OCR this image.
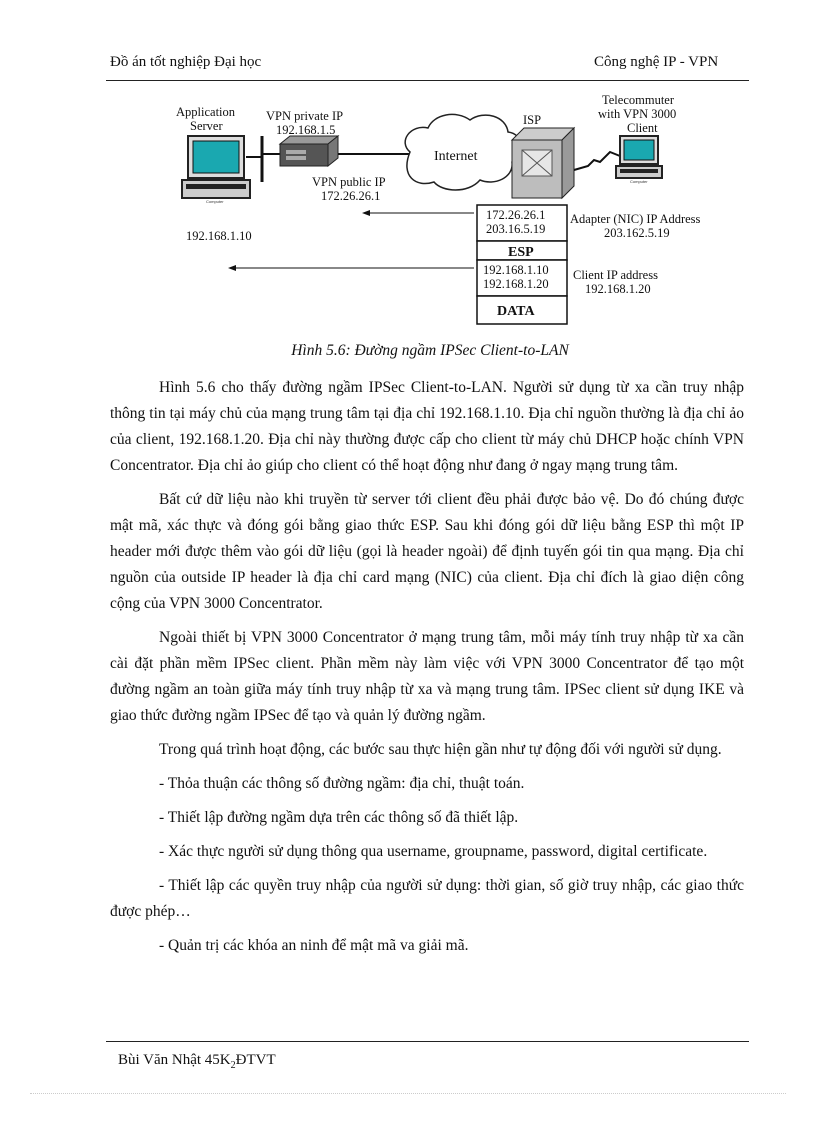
Đồ án tốt nghiệp Đại học	Công nghệ IP - VPN
Application
Server
Computer
VPN private IP
192.168.1.5
Internet
ISP
Telecommuter
with VPN 3000
Client
Computer
VPN public IP
172.26.26.1
192.168.1.10
172.26.26.1
203.16.5.19
ESP
192.168.1.10
192.168.1.20
DATA
Adapter (NIC) IP Address
203.162.5.19
Client IP address
192.168.1.20
Hình 5.6: Đường ngầm IPSec Client-to-LAN

Hình 5.6 cho thấy đường ngầm IPSec Client-to-LAN. Người sử dụng từ xa cần truy nhập thông tin tại máy chủ của mạng trung tâm tại địa chỉ 192.168.1.10. Địa chỉ nguồn thường là địa chỉ ảo của client, 192.168.1.20. Địa chỉ này thường được cấp cho client từ máy chủ DHCP hoặc chính VPN Concentrator. Địa chỉ ảo giúp cho client có thể hoạt động như đang ở ngay mạng trung tâm.

Bất cứ dữ liệu nào khi truyền từ server tới client đều phải được bảo vệ. Do đó chúng được mật mã, xác thực và đóng gói bằng giao thức ESP. Sau khi đóng gói dữ liệu bằng ESP thì một IP header mới được thêm vào gói dữ liệu (gọi là header ngoài) để định tuyến gói tin qua mạng. Địa chỉ nguồn của outside IP header là địa chỉ card mạng (NIC) của client. Địa chỉ đích là giao diện công cộng của VPN 3000 Concentrator.

Ngoài thiết bị VPN 3000 Concentrator ở mạng trung tâm, mỗi máy tính truy nhập từ xa cần cài đặt phần mềm IPSec client. Phần mềm này làm việc với VPN 3000 Concentrator để tạo một đường ngầm an toàn giữa máy tính truy nhập từ xa và mạng trung tâm. IPSec client sử dụng IKE và giao thức đường ngầm IPSec để tạo và quản lý đường ngầm.

Trong quá trình hoạt động, các bước sau thực hiện gần như tự động đối với người sử dụng.

- Thỏa thuận các thông số đường ngầm: địa chỉ, thuật toán.

- Thiết lập đường ngầm dựa trên các thông số đã thiết lập.

- Xác thực người sử dụng thông qua username, groupname, password, digital certificate.

- Thiết lập các quyền truy nhập của người sử dụng: thời gian, số giờ truy nhập, các giao thức được phép…

- Quản trị các khóa an ninh để mật mã va giải mã.

Bùi Văn Nhật $45K_2ĐTVT$
